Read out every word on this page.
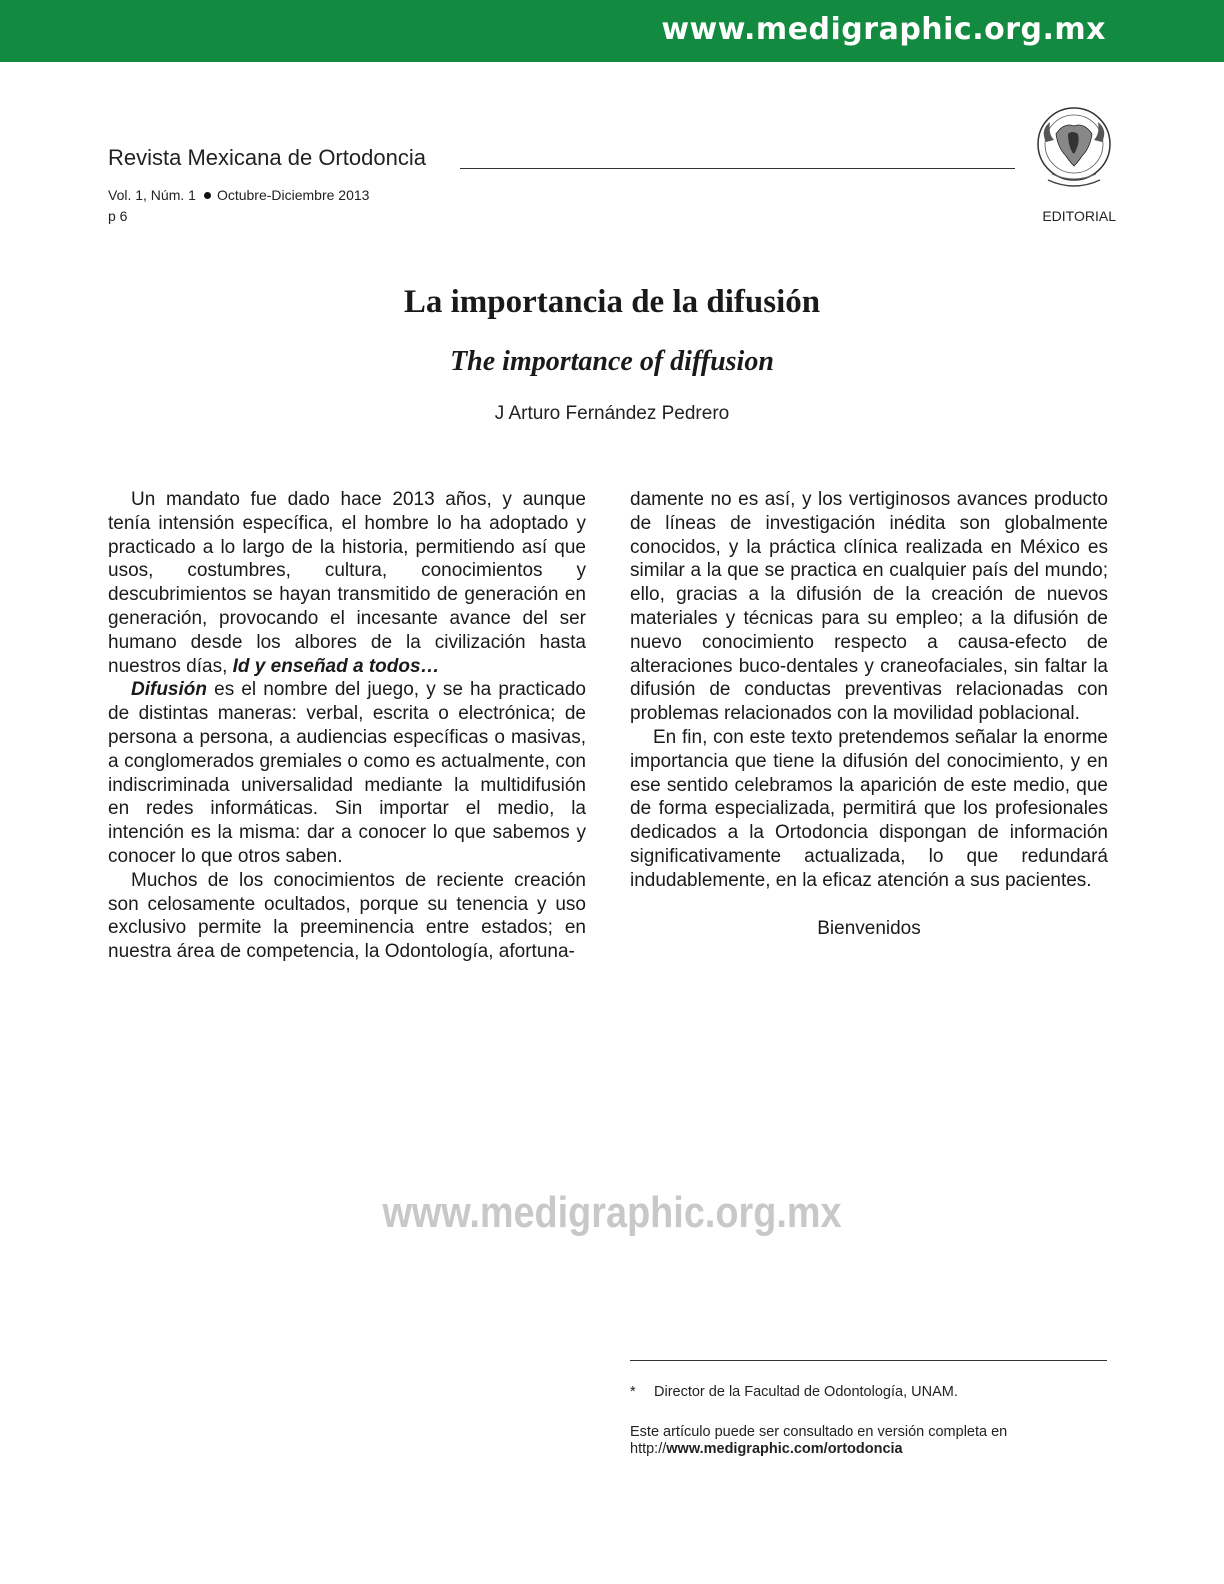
www.medigraphic.org.mx
Revista Mexicana de Ortodoncia
Vol. 1, Núm. 1 Octubre-Diciembre 2013
p 6	EDITORIAL
La importancia de la difusión
The importance of diffusion
J Arturo Fernández Pedrero

Un mandato fue dado hace 2013 años, y aunque tenía intensión específica, el hombre lo ha adoptado y practicado a lo largo de la historia, permitiendo así que usos, costumbres, cultura, conocimientos y descubrimientos se hayan transmitido de generación en generación, provocando el incesante avance del ser humano desde los albores de la civilización hasta nuestros días, Id y enseñad a todos…

Difusión es el nombre del juego, y se ha practicado de distintas maneras: verbal, escrita o electrónica; de persona a persona, a audiencias específicas o masivas, a conglomerados gremiales o como es actualmente, con indiscriminada universalidad mediante la multidifusión en redes informáticas. Sin importar el medio, la intención es la misma: dar a conocer lo que sabemos y conocer lo que otros saben.

Muchos de los conocimientos de reciente creación son celosamente ocultados, porque su tenencia y uso exclusivo permite la preeminencia entre estados; en nuestra área de competencia, la Odontología, afortuna-

damente no es así, y los vertiginosos avances producto de líneas de investigación inédita son globalmente conocidos, y la práctica clínica realizada en México es similar a la que se practica en cualquier país del mundo; ello, gracias a la difusión de la creación de nuevos materiales y técnicas para su empleo; a la difusión de nuevo conocimiento respecto a causa-efecto de alteraciones buco-dentales y craneofaciales, sin faltar la difusión de conductas preventivas relacionadas con problemas relacionados con la movilidad poblacional.

En fin, con este texto pretendemos señalar la enorme importancia que tiene la difusión del conocimiento, y en ese sentido celebramos la aparición de este medio, que de forma especializada, permitirá que los profesionales dedicados a la Ortodoncia dispongan de información significativamente actualizada, lo que redundará indudablemente, en la eficaz atención a sus pacientes.

Bienvenidos

www.medigraphic.org.mx
* Director de la Facultad de Odontología, UNAM.
Este artículo puede ser consultado en versión completa en
http://www.medigraphic.com/ortodoncia
